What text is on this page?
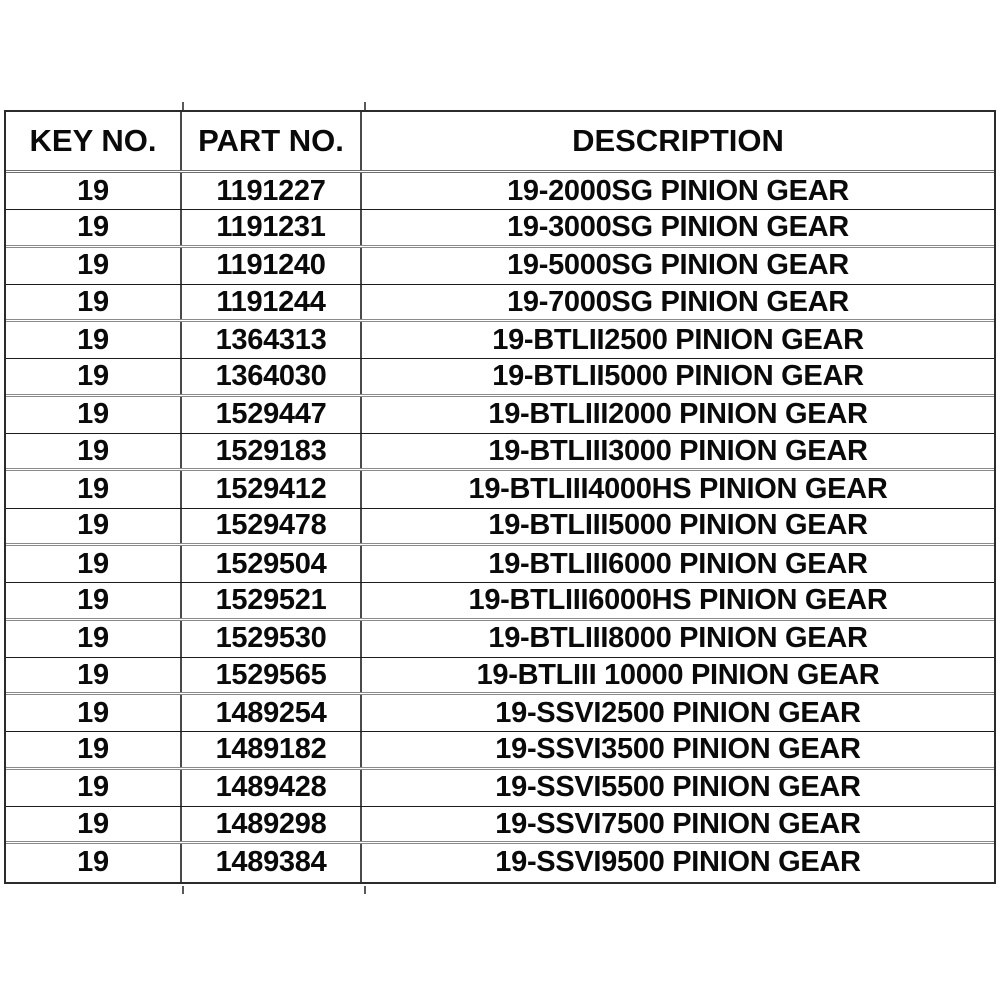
KEY NO.	PART NO.	DESCRIPTION
19	1191227	19-2000SG PINION GEAR
19	1191231	19-3000SG PINION GEAR
19	1191240	19-5000SG PINION GEAR
19	1191244	19-7000SG PINION GEAR
19	1364313	19-BTLII2500 PINION GEAR
19	1364030	19-BTLII5000 PINION GEAR
19	1529447	19-BTLIII2000 PINION GEAR
19	1529183	19-BTLIII3000 PINION GEAR
19	1529412	19-BTLIII4000HS PINION GEAR
19	1529478	19-BTLIII5000 PINION GEAR
19	1529504	19-BTLIII6000 PINION GEAR
19	1529521	19-BTLIII6000HS PINION GEAR
19	1529530	19-BTLIII8000 PINION GEAR
19	1529565	19-BTLIII 10000 PINION GEAR
19	1489254	19-SSVI2500 PINION GEAR
19	1489182	19-SSVI3500 PINION GEAR
19	1489428	19-SSVI5500 PINION GEAR
19	1489298	19-SSVI7500 PINION GEAR
19	1489384	19-SSVI9500 PINION GEAR
